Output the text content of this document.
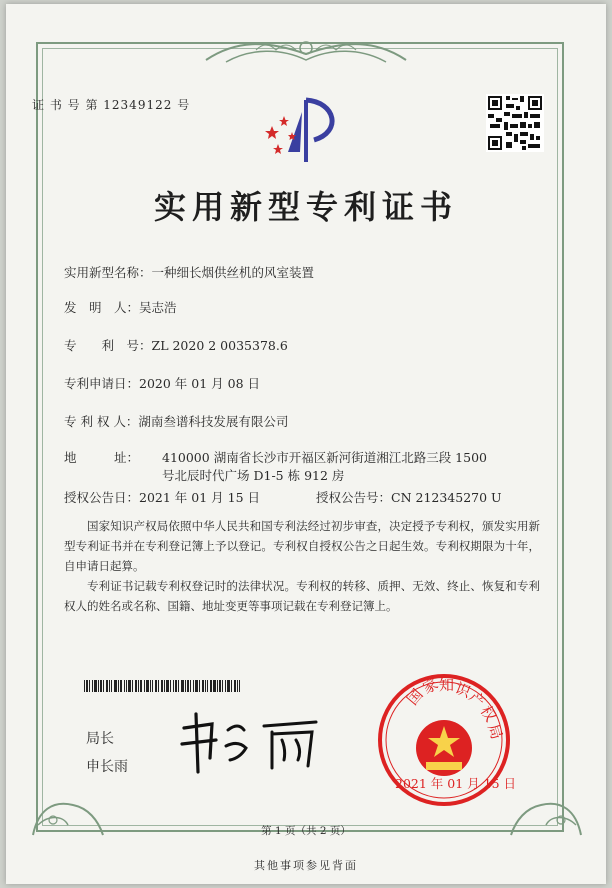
证 书 号 第 12349122 号
实用新型专利证书
实用新型名称：一种细长烟供丝机的风室装置
发　明　人：吴志浩
专　　利　号：ZL 2020 2 0035378.6
专利申请日：2020 年 01 月 08 日
专 利 权 人：湖南叁谱科技发展有限公司
地　　　址： 410000 湖南省长沙市开福区新河街道湘江北路三段 1500
号北辰时代广场 D1-5 栋 912 房
授权公告日：2021 年 01 月 15 日	授权公告号：CN 212345270 U
国家知识产权局依照中华人民共和国专利法经过初步审查，决定授予专利权，颁发实用新型专利证书并在专利登记簿上予以登记。专利权自授权公告之日起生效。专利权期限为十年，自申请日起算。
专利证书记载专利权登记时的法律状况。专利权的转移、质押、无效、终止、恢复和专利权人的姓名或名称、国籍、地址变更等事项记载在专利登记簿上。
局长
申长雨
国
家
知
识
产
权
局
2021 年 01 月 15 日
第 1 页（共 2 页）
其他事项参见背面
